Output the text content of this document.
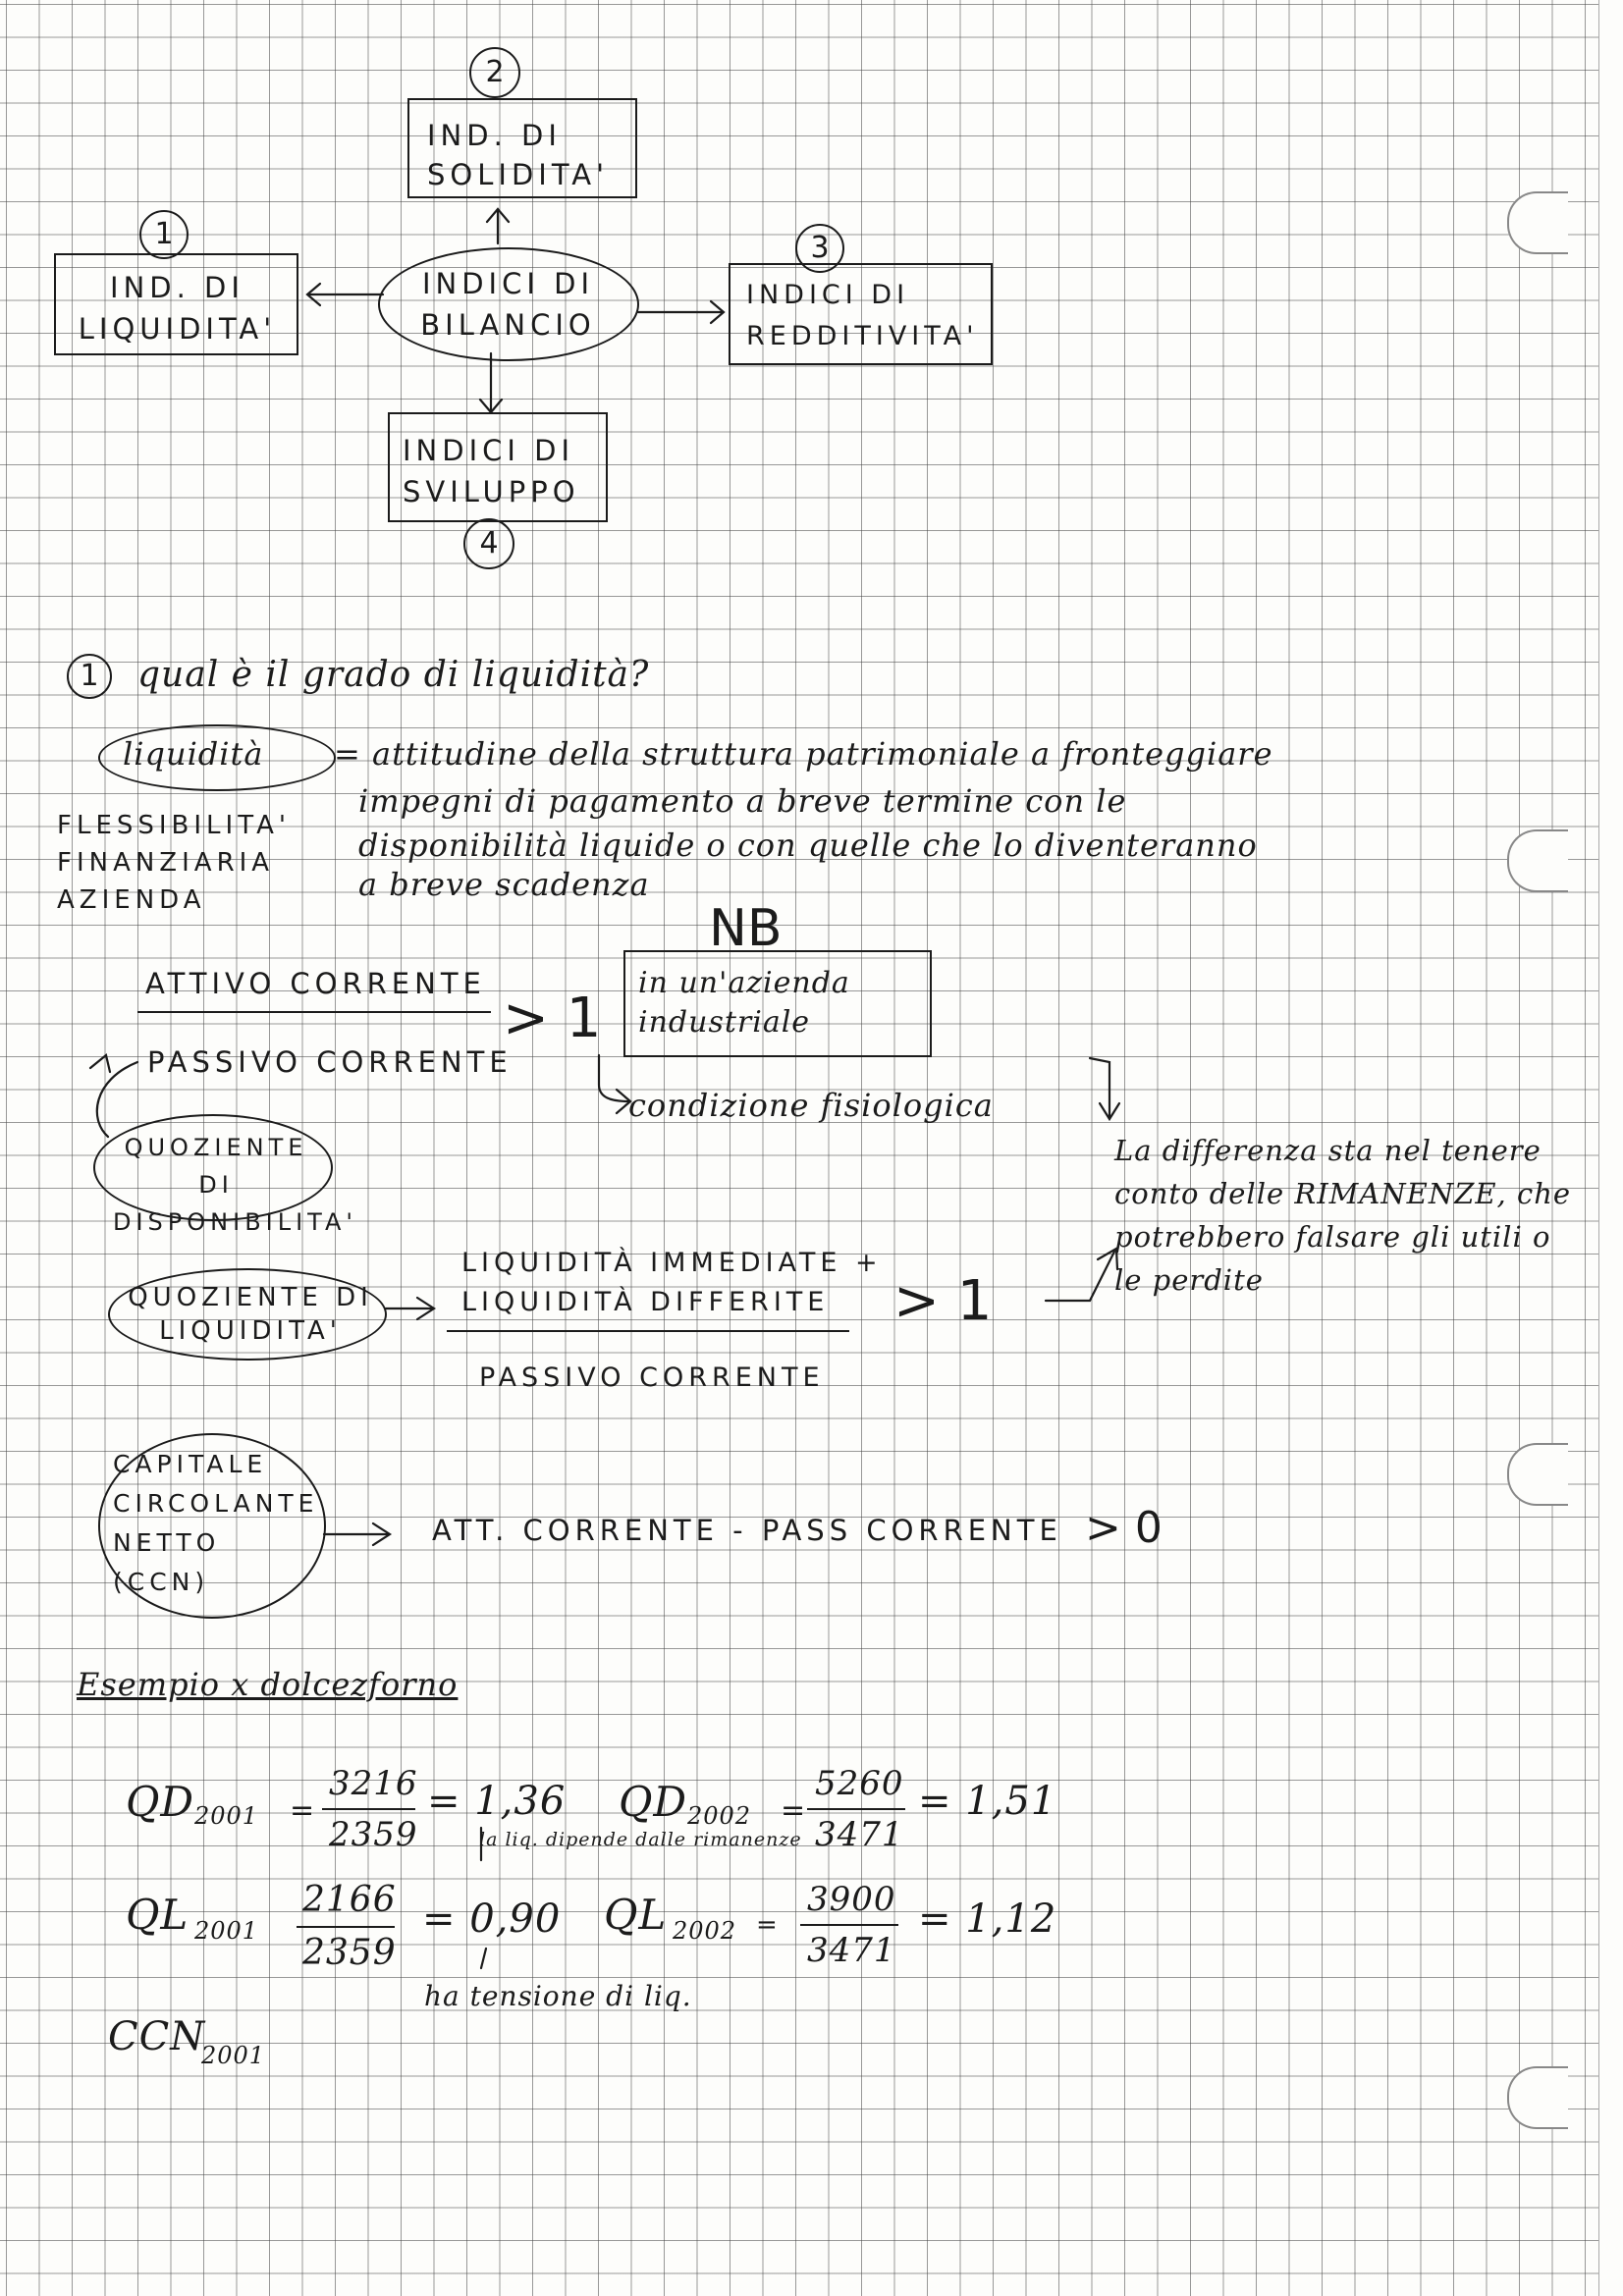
2
IND. DI SOLIDITA'
1
IND. DI LIQUIDITA'
INDICI DI BILANCIO
3
INDICI DI REDDITIVITA'
INDICI DI SVILUPPO
4
1	qual è il grado di liquidità?
liquidità = attitudine della struttura patrimoniale a fronteggiare
impegni di pagamento a breve termine con le
disponibilità liquide o con quelle che lo diventeranno
a breve scadenza
FLESSIBILITA' FINANZIARIA AZIENDA
ATTIVO CORRENTE
PASSIVO CORRENTE
> 1
NB
in un'azienda industriale
condizione fisiologica
QUOZIENTE DI DISPONIBILITA'
La differenza sta nel tenere conto delle RIMANENZE, che potrebbero falsare gli utili o le perdite
QUOZIENTE DI LIQUIDITA'
LIQUIDITÀ IMMEDIATE +
LIQUIDITÀ DIFFERITE
PASSIVO CORRENTE
> 1
CAPITALE CIRCOLANTE NETTO (CCN)
ATT. CORRENTE - PASS CORRENTE > 0
Esempio x dolcezforno
QD 2001 =
3216
2359
= 1,36 QD 2002 =
5260
3471
= 1,51
la liq. dipende dalle rimanenze
QL 2001
2166
2359
= 0,90 QL 2002 =
3900
3471
= 1,12
ha tensione di liq.
CCN
2001
